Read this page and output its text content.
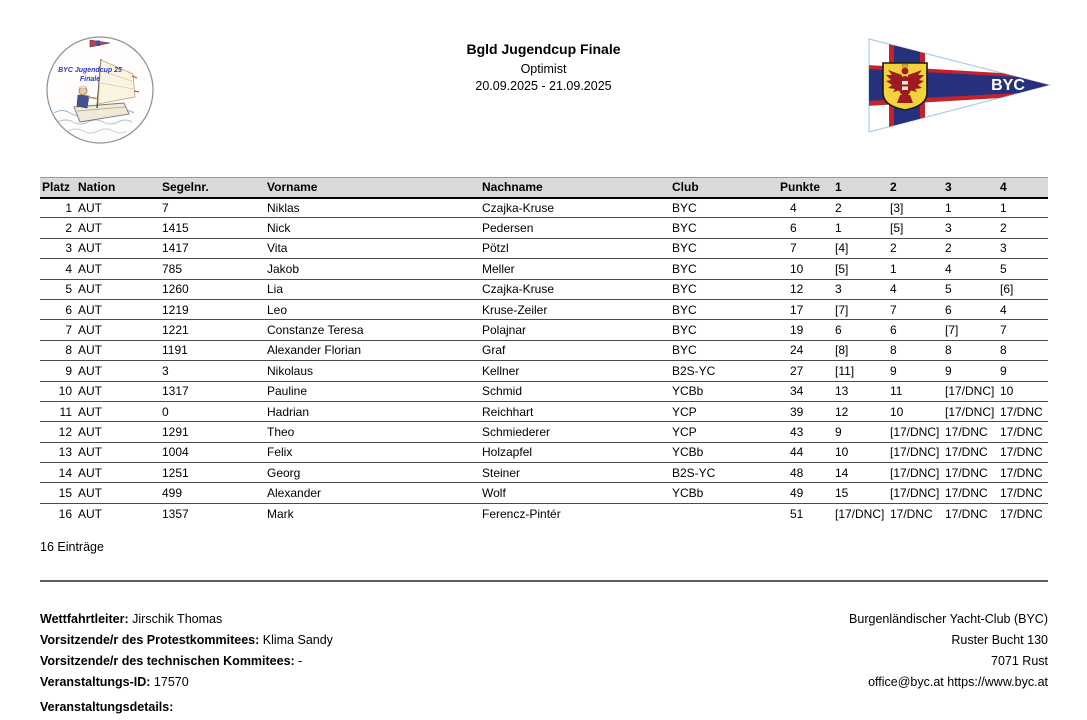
BYC Jugendcup 25
Finale
Bgld Jugendcup Finale
Optimist
20.09.2025 - 21.09.2025	BYC
Platz	Nation	Segelnr.	Vorname	Nachname	Club	Punkte	1	2	3	4
1	AUT	7	Niklas	Czajka-Kruse	BYC	4	2	[3]	1	1
2	AUT	1415	Nick	Pedersen	BYC	6	1	[5]	3	2
3	AUT	1417	Vita	Pötzl	BYC	7	[4]	2	2	3
4	AUT	785	Jakob	Meller	BYC	10	[5]	1	4	5
5	AUT	1260	Lia	Czajka-Kruse	BYC	12	3	4	5	[6]
6	AUT	1219	Leo	Kruse-Zeiler	BYC	17	[7]	7	6	4
7	AUT	1221	Constanze Teresa	Polajnar	BYC	19	6	6	[7]	7
8	AUT	1191	Alexander Florian	Graf	BYC	24	[8]	8	8	8
9	AUT	3	Nikolaus	Kellner	B2S-YC	27	[11]	9	9	9
10	AUT	1317	Pauline	Schmid	YCBb	34	13	11	[17/DNC]	10
11	AUT	0	Hadrian	Reichhart	YCP	39	12	10	[17/DNC]	17/DNC
12	AUT	1291	Theo	Schmiederer	YCP	43	9	[17/DNC]	17/DNC	17/DNC
13	AUT	1004	Felix	Holzapfel	YCBb	44	10	[17/DNC]	17/DNC	17/DNC
14	AUT	1251	Georg	Steiner	B2S-YC	48	14	[17/DNC]	17/DNC	17/DNC
15	AUT	499	Alexander	Wolf	YCBb	49	15	[17/DNC]	17/DNC	17/DNC
16	AUT	1357	Mark	Ferencz-Pintér		51	[17/DNC]	17/DNC	17/DNC	17/DNC
16 Einträge
Wettfahrtleiter: Jirschik Thomas
Vorsitzende/r des Protestkommitees: Klima Sandy
Vorsitzende/r des technischen Kommitees: -
Veranstaltungs-ID: 17570
Veranstaltungsdetails:
Burgenländischer Yacht-Club (BYC)
Ruster Bucht 130
7071 Rust
office@byc.at https://www.byc.at
